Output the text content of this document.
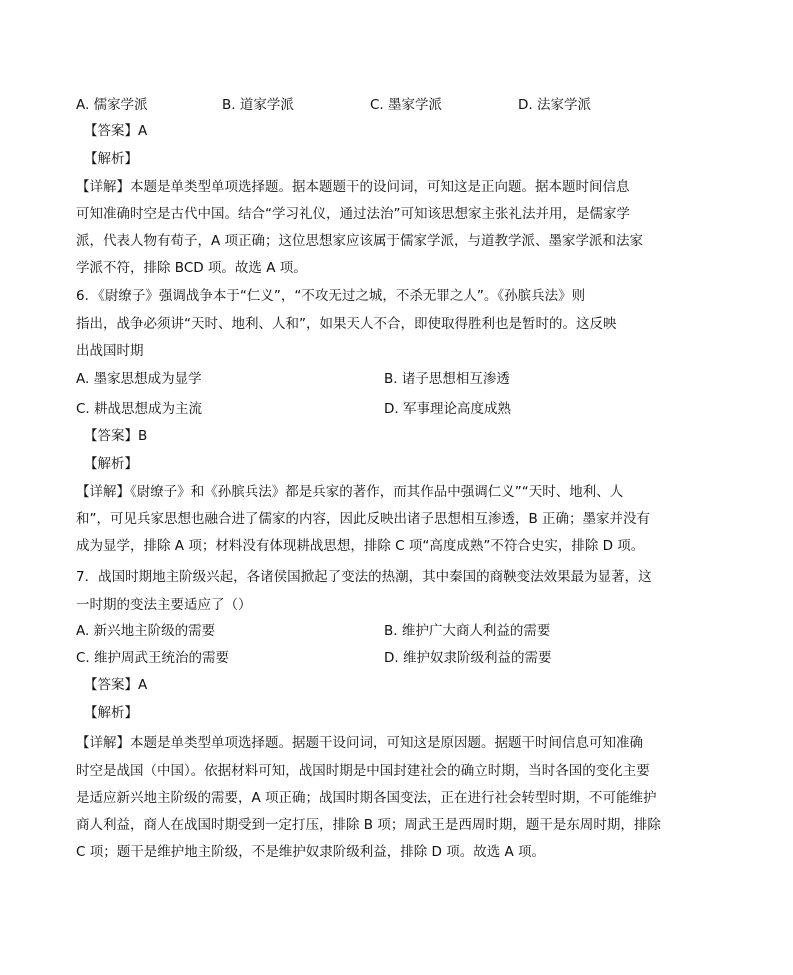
A. 儒家学派	B. 道家学派	C. 墨家学派	D. 法家学派
【答案】A
【解析】
【详解】本题是单类型单项选择题。据本题题干的设问词，可知这是正向题。据本题时间信息
可知准确时空是古代中国。结合“学习礼仪，通过法治”可知该思想家主张礼法并用，是儒家学
派，代表人物有荀子，A 项正确；这位思想家应该属于儒家学派，与道教学派、墨家学派和法家
学派不符，排除 BCD 项。故选 A 项。
6．《尉缭子》强调战争本于“仁义”，“不攻无过之城，不杀无罪之人”。《孙膑兵法》则
指出，战争必须讲“天时、地利、人和”，如果天人不合，即使取得胜利也是暂时的。这反映
出战国时期
A. 墨家思想成为显学	B. 诸子思想相互渗透
C. 耕战思想成为主流	D. 军事理论高度成熟
【答案】B
【解析】
【详解】《尉缭子》和《孙膑兵法》都是兵家的著作，而其作品中强调仁义”“天时、地利、人
和”，可见兵家思想也融合进了儒家的内容，因此反映出诸子思想相互渗透，B 正确；墨家并没有
成为显学，排除 A 项；材料没有体现耕战思想，排除 C 项“高度成熟”不符合史实，排除 D 项。
7．战国时期地主阶级兴起，各诸侯国掀起了变法的热潮，其中秦国的商鞅变法效果最为显著，这
一时期的变法主要适应了（）
A. 新兴地主阶级的需要	B. 维护广大商人利益的需要
C. 维护周武王统治的需要	D. 维护奴隶阶级利益的需要
【答案】A
【解析】
【详解】本题是单类型单项选择题。据题干设问词，可知这是原因题。据题干时间信息可知准确
时空是战国（中国）。依据材料可知，战国时期是中国封建社会的确立时期，当时各国的变化主要
是适应新兴地主阶级的需要，A 项正确；战国时期各国变法，正在进行社会转型时期，不可能维护
商人利益，商人在战国时期受到一定打压，排除 B 项；周武王是西周时期，题干是东周时期，排除
C 项；题干是维护地主阶级，不是维护奴隶阶级利益，排除 D 项。故选 A 项。
